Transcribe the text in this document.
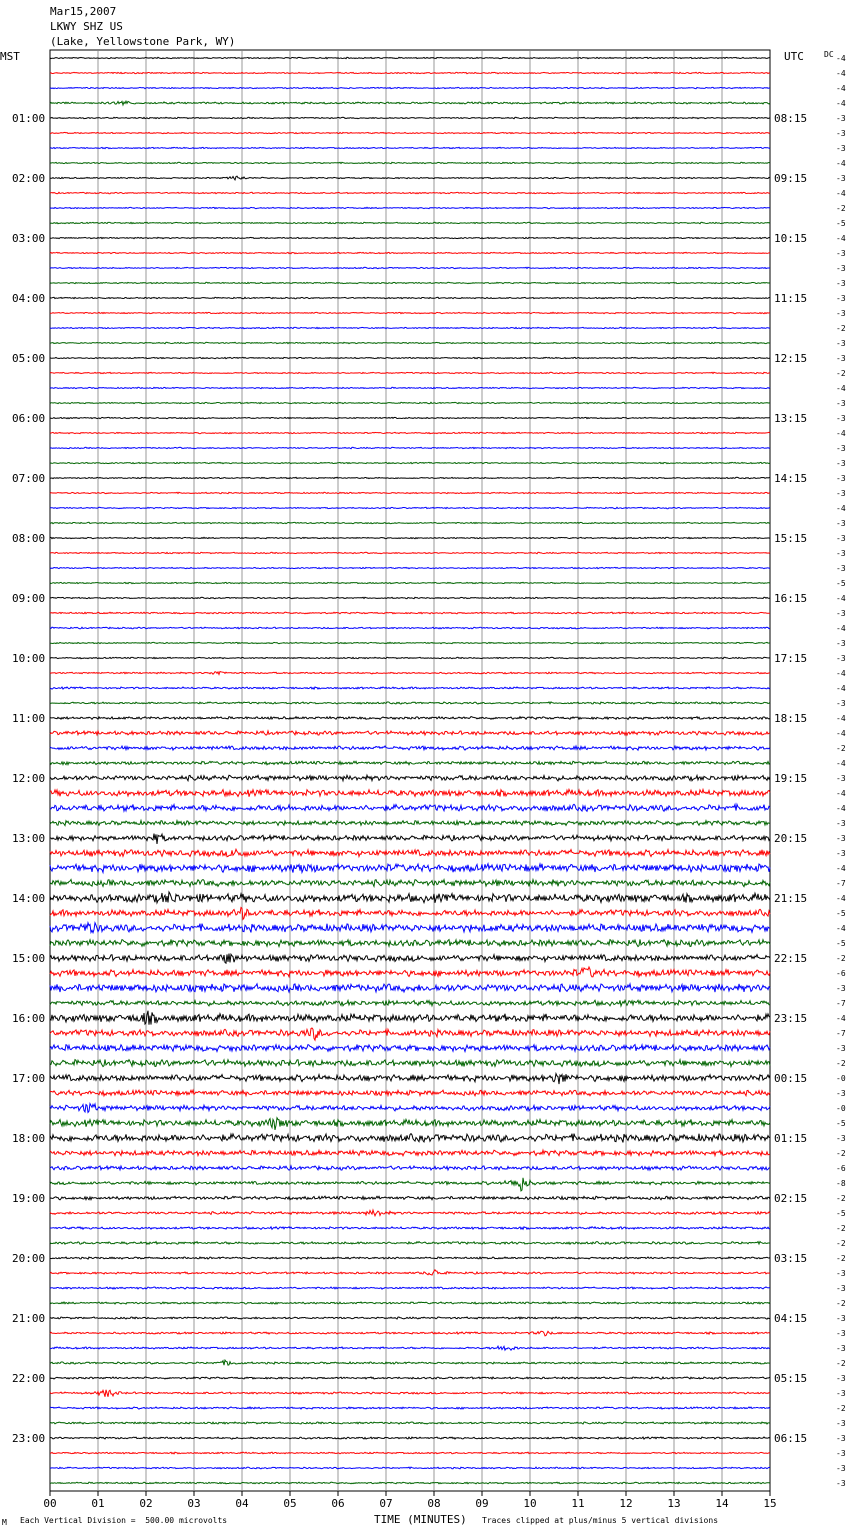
Mar15,2007
LKWY SHZ US
(Lake, Yellowstone Park, WY)
MST	UTC	DC -4
-4
-4
-4
-3
-3
-3
-4
-3
-4
-2
-5
-4
-3
-3
-3
-3
-3
-2
-3
-3
-2
-4
-3
-3
-4
-3
-3
-3
-3
-4
-3
-3
-3
-3
-5
-4
-3
-4
-3
-3
-4
-4
-3
-4
-4
-2
-4
-3
-4
-4
-3
-3
-3
-4
-7
-4
-5
-4
-5
-2
-6
-3
-7
-4
-7
-3
-2
-0
-3
-0
-5
-3
-2
-6
-8
-2
-5
-2
-2
-2
-3
-3
-2
-3
-3
-3
-2
-3
-3
-2
-3
-3
-3
-3
-3
01:00
02:00
03:00
04:00
05:00
06:00
07:00
08:00
09:00
10:00
11:00
12:00
13:00
14:00
15:00
16:00
17:00
18:00
19:00
20:00
21:00
22:00
23:00
08:15
09:15
10:15
11:15
12:15
13:15
14:15
15:15
16:15
17:15
18:15
19:15
20:15
21:15
22:15
23:15
00:15
01:15
02:15
03:15
04:15
05:15
06:15
00	01	02	03	04	05	06	07	08	09	10	11	12	13	14	15
M Each Vertical Division =  500.00 microvolts	TIME (MINUTES) Traces clipped at plus/minus 5 vertical divisions
